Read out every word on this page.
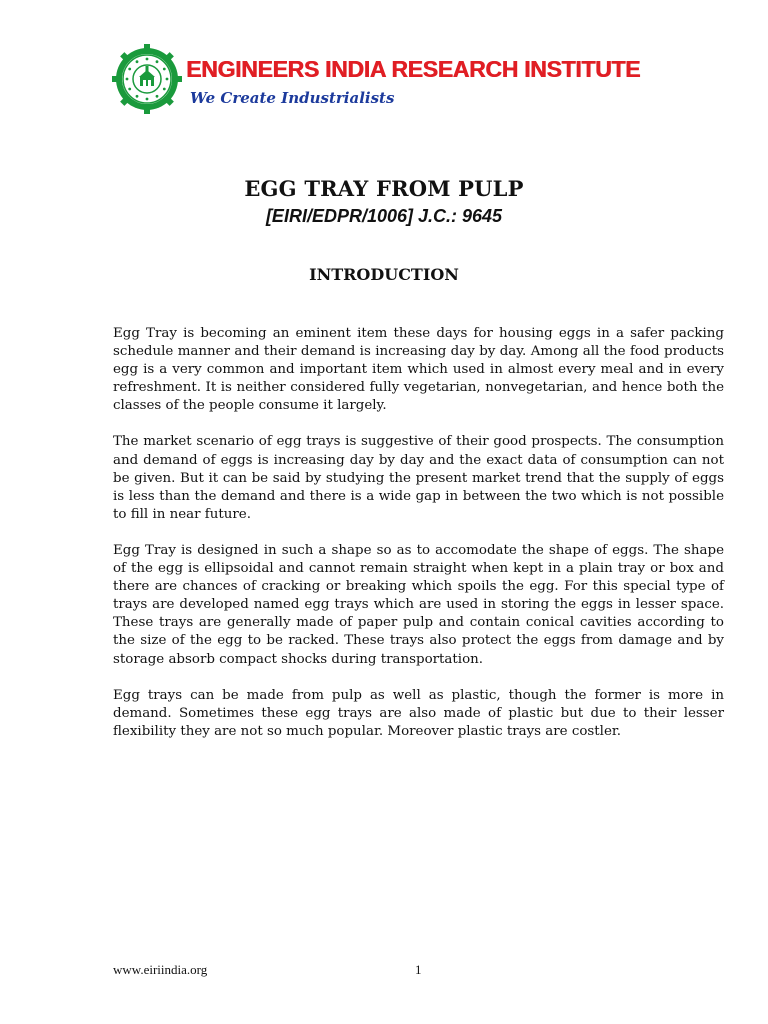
ENGINEERS INDIA RESEARCH INSTITUTE
We Create Industrialists
EGG TRAY FROM PULP
[EIRI/EDPR/1006] J.C.: 9645
INTRODUCTION

Egg Tray is becoming an eminent item these days for housing eggs in a safer packing schedule manner and their demand is increasing day by day. Among all the food products egg is a very common and important item which used in almost every meal and in every refreshment. It is neither considered fully vegetarian, nonvegetarian, and hence both the classes of the people consume it largely.

The market scenario of egg trays is suggestive of their good prospects. The consumption and demand of eggs is increasing day by day and the exact data of consumption can not be given. But it can be said by studying the present market trend that the supply of eggs is less than the demand and there is a wide gap in between the two which is not possible to fill in near future.

Egg Tray is designed in such a shape so as to accomodate the shape of eggs. The shape of the egg is ellipsoidal and cannot remain straight when kept in a plain tray or box and there are chances of cracking or breaking which spoils the egg. For this special type of trays are developed named egg trays which are used in storing the eggs in lesser space. These trays are generally made of paper pulp and contain conical cavities according to the size of the egg to be racked. These trays also protect the eggs from damage and by storage absorb compact shocks during transportation.

Egg trays can be made from pulp as well as plastic, though the former is more in demand. Sometimes these egg trays are also made of plastic but due to their lesser flexibility they are not so much popular. Moreover plastic trays are costler.

www.eiriindia.org	1
